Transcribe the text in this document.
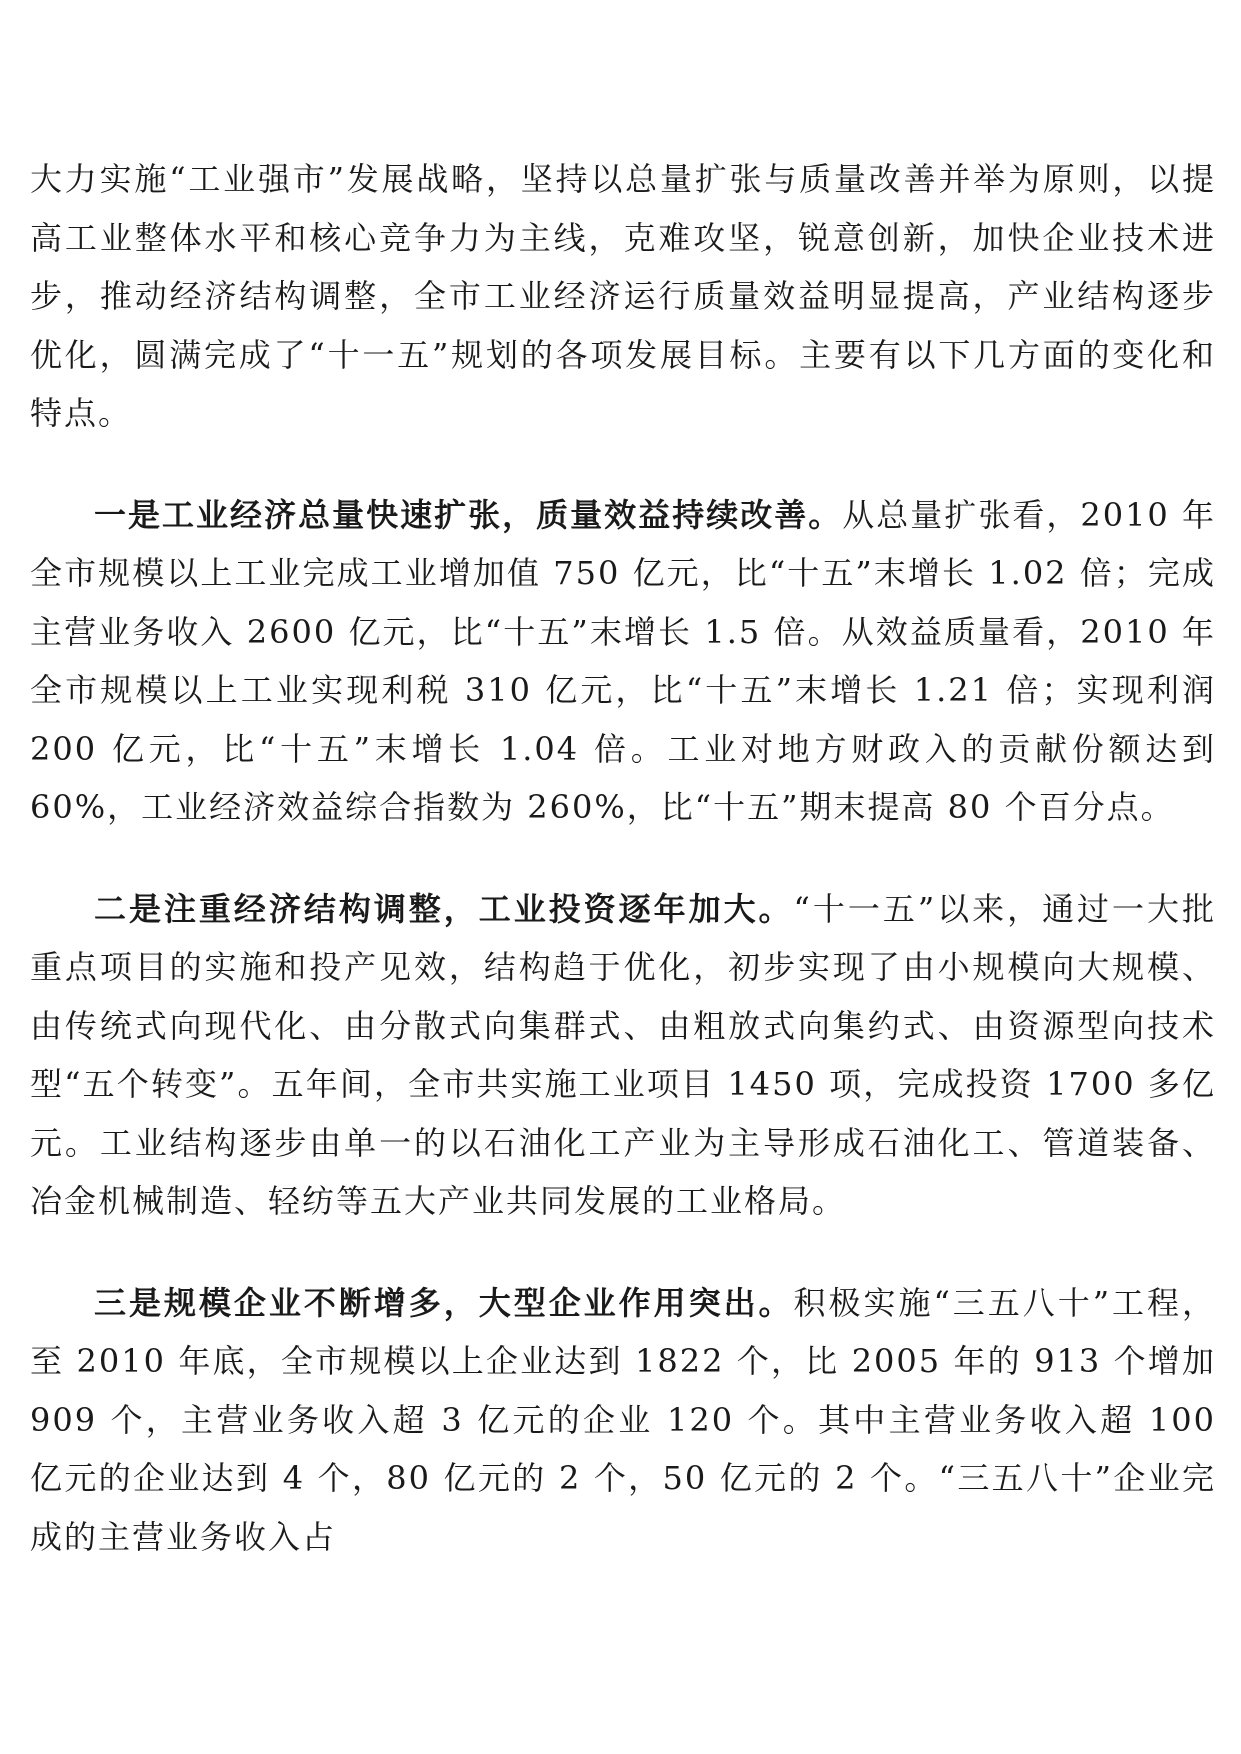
大力实施“工业强市”发展战略，坚持以总量扩张与质量改善并举为原则，以提高工业整体水平和核心竞争力为主线，克难攻坚，锐意创新，加快企业技术进步，推动经济结构调整，全市工业经济运行质量效益明显提高，产业结构逐步优化，圆满完成了“十一五”规划的各项发展目标。主要有以下几方面的变化和特点。

一是工业经济总量快速扩张，质量效益持续改善。从总量扩张看，2010 年全市规模以上工业完成工业增加值 750 亿元，比“十五”末增长 1.02 倍；完成主营业务收入 2600 亿元，比“十五”末增长 1.5 倍。从效益质量看，2010 年全市规模以上工业实现利税 310 亿元，比“十五”末增长 1.21 倍；实现利润 200 亿元，比“十五”末增长 1.04 倍。工业对地方财政入的贡献份额达到 60%，工业经济效益综合指数为 260%，比“十五”期末提高 80 个百分点。

二是注重经济结构调整，工业投资逐年加大。“十一五”以来，通过一大批重点项目的实施和投产见效，结构趋于优化，初步实现了由小规模向大规模、由传统式向现代化、由分散式向集群式、由粗放式向集约式、由资源型向技术型“五个转变”。五年间，全市共实施工业项目 1450 项，完成投资 1700 多亿元。工业结构逐步由单一的以石油化工产业为主导形成石油化工、管道装备、冶金机械制造、轻纺等五大产业共同发展的工业格局。

三是规模企业不断增多，大型企业作用突出。积极实施“三五八十”工程，至 2010 年底，全市规模以上企业达到 1822 个，比 2005 年的 913 个增加 909 个，主营业务收入超 3 亿元的企业 120 个。其中主营业务收入超 100 亿元的企业达到 4 个，80 亿元的 2 个，50 亿元的 2 个。“三五八十”企业完成的主营业务收入占
